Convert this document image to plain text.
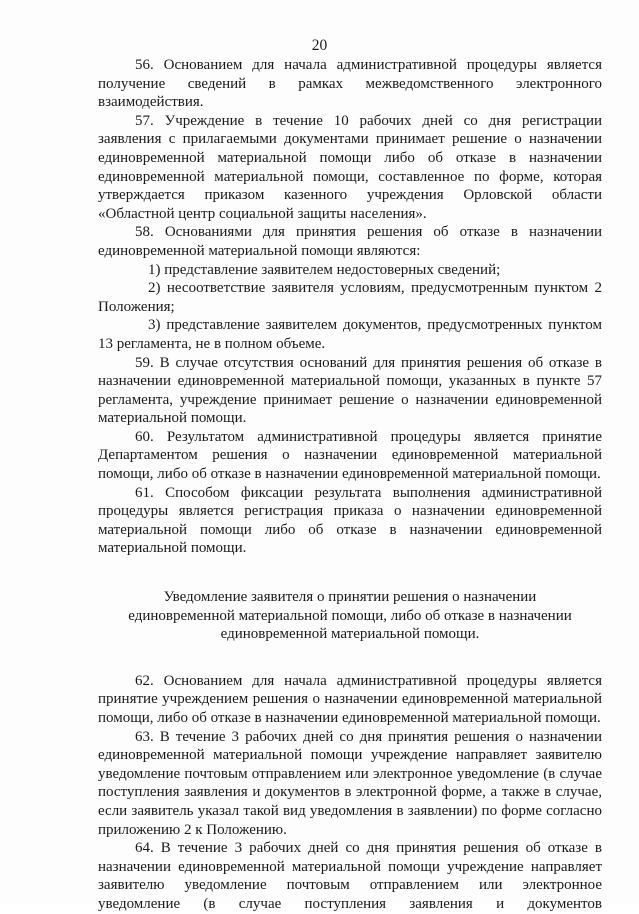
20

56. Основанием для начала административной процедуры является получение сведений в рамках межведомственного электронного взаимодействия.

57. Учреждение в течение 10 рабочих дней со дня регистрации заявления с прилагаемыми документами принимает решение о назначении единовременной материальной помощи либо об отказе в назначении единовременной материальной помощи, составленное по форме, которая утверждается приказом казенного учреждения Орловской области «Областной центр социальной защиты населения».

58. Основаниями для принятия решения об отказе в назначении единовременной материальной помощи являются:

1) представление заявителем недостоверных сведений;

2) несоответствие заявителя условиям, предусмотренным пунктом 2 Положения;

3) представление заявителем документов, предусмотренных пунктом 13 регламента, не в полном объеме.

59. В случае отсутствия оснований для принятия решения об отказе в назначении единовременной материальной помощи, указанных в пункте 57 регламента, учреждение принимает решение о назначении единовременной материальной помощи.

60. Результатом административной процедуры является принятие Департаментом решения о назначении единовременной материальной помощи, либо об отказе в назначении единовременной материальной помощи.

61. Способом фиксации результата выполнения административной процедуры является регистрация приказа о назначении единовременной материальной помощи либо об отказе в назначении единовременной материальной помощи.

Уведомление заявителя о принятии решения о назначении единовременной материальной помощи, либо об отказе в назначении единовременной материальной помощи.

62. Основанием для начала административной процедуры является принятие учреждением решения о назначении единовременной материальной помощи, либо об отказе в назначении единовременной материальной помощи.

63. В течение 3 рабочих дней со дня принятия решения о назначении единовременной материальной помощи учреждение направляет заявителю уведомление почтовым отправлением или электронное уведомление (в случае поступления заявления и документов в электронной форме, а также в случае, если заявитель указал такой вид уведомления в заявлении) по форме согласно приложению 2 к Положению.

64. В течение 3 рабочих дней со дня принятия решения об отказе в назначении единовременной материальной помощи учреждение направляет заявителю уведомление почтовым отправлением или электронное уведомление (в случае поступления заявления и документов
